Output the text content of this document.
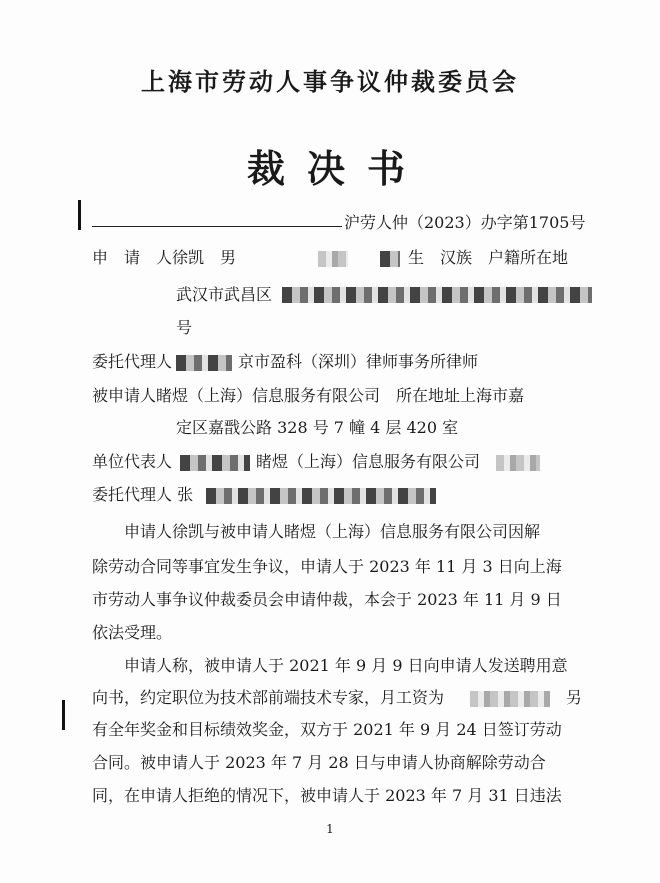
上海市劳动人事争议仲裁委员会
裁决书
沪劳人仲（2023）办字第1705号
申　请　人徐凯　男	生　汉族　户籍所在地
武汉市武昌区
号
委托代理人	京市盈科（深圳）律师事务所律师
被申请人睹煜（上海）信息服务有限公司　所在地址上海市嘉
定区嘉戬公路 328 号 7 幢 4 层 420 室
单位代表人	睹煜（上海）信息服务有限公司
委托代理人 张
申请人徐凯与被申请人睹煜（上海）信息服务有限公司因解
除劳动合同等事宜发生争议，申请人于 2023 年 11 月 3 日向上海
市劳动人事争议仲裁委员会申请仲裁，本会于 2023 年 11 月 9 日
依法受理。
申请人称，被申请人于 2021 年 9 月 9 日向申请人发送聘用意
向书，约定职位为技术部前端技术专家，月工资为	另
有全年奖金和目标绩效奖金，双方于 2021 年 9 月 24 日签订劳动
合同。被申请人于 2023 年 7 月 28 日与申请人协商解除劳动合
同，在申请人拒绝的情况下，被申请人于 2023 年 7 月 31 日违法
1
